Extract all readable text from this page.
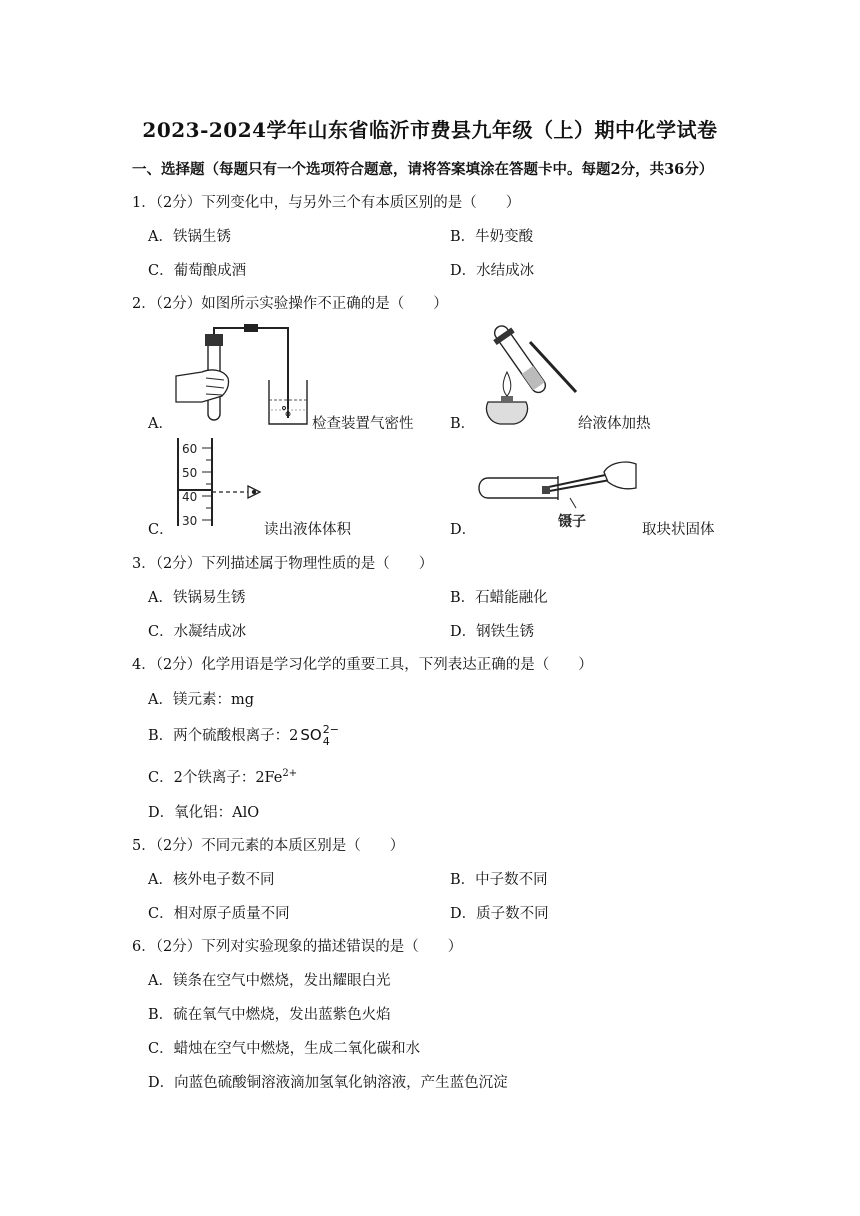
2023-2024学年山东省临沂市费县九年级（上）期中化学试卷
一、选择题（每题只有一个选项符合题意，请将答案填涂在答题卡中。每题2分，共36分）
1．（2分）下列变化中，与另外三个有本质区别的是（　　）
A．铁锅生锈	B．牛奶变酸
C．葡萄酿成酒	D．水结成冰
2．（2分）如图所示实验操作不正确的是（　　）
A．	检查装置气密性	B．	给液体加热
C．
60
50
40
30
读出液体体积	D．	镊子	取块状固体
3．（2分）下列描述属于物理性质的是（　　）
A．铁锅易生锈	B．石蜡能融化
C．水凝结成冰	D．钢铁生锈
4．（2分）化学用语是学习化学的重要工具，下列表达正确的是（　　）
A．镁元素：mg
B．两个硫酸根离子：2 SO 2−
4
C．2个铁离子：$2Fe^{2+}$
D．氧化铝：AlO
5．（2分）不同元素的本质区别是（　　）
A．核外电子数不同	B．中子数不同
C．相对原子质量不同	D．质子数不同
6．（2分）下列对实验现象的描述错误的是（　　）
A．镁条在空气中燃烧，发出耀眼白光
B．硫在氧气中燃烧，发出蓝紫色火焰
C．蜡烛在空气中燃烧，生成二氧化碳和水
D．向蓝色硫酸铜溶液滴加氢氧化钠溶液，产生蓝色沉淀
